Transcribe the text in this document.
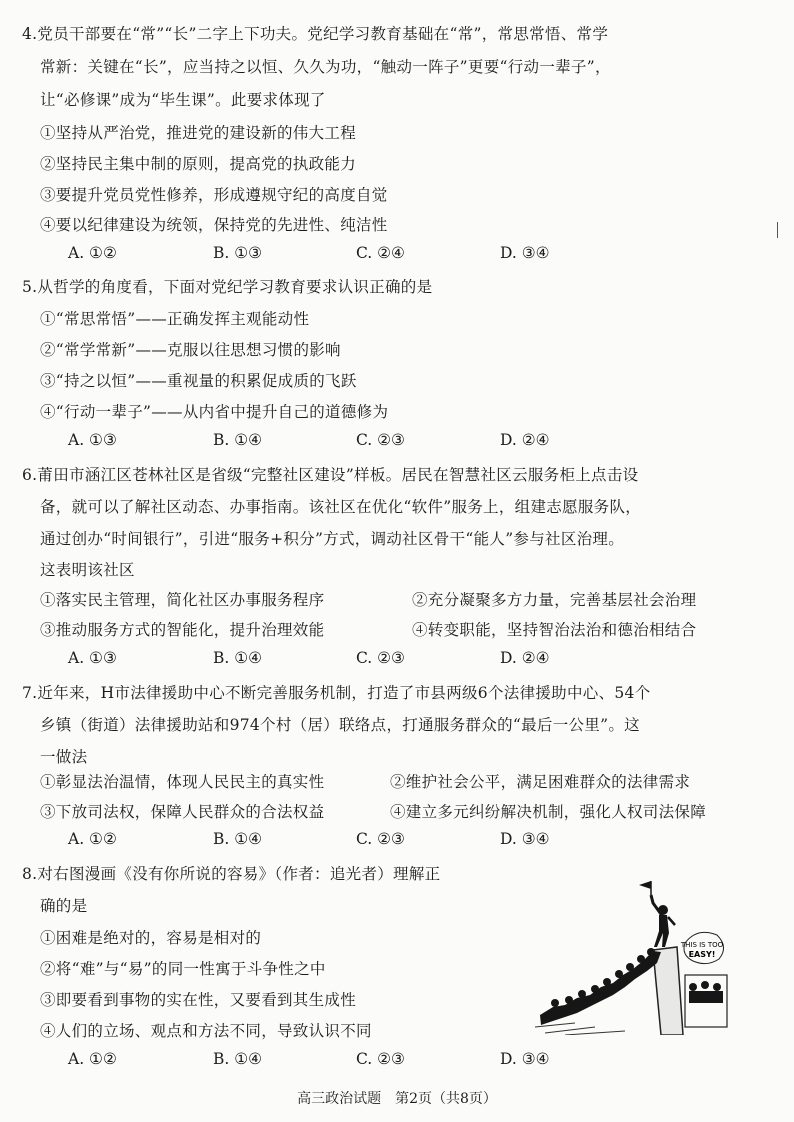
4.党员干部要在“常”“长”二字上下功夫。党纪学习教育基础在“常”，常思常悟、常学
常新：关键在“长”，应当持之以恒、久久为功，“触动一阵子”更要“行动一辈子”，
让“必修课”成为“毕生课”。此要求体现了
①坚持从严治党，推进党的建设新的伟大工程
②坚持民主集中制的原则，提高党的执政能力
③要提升党员党性修养，形成遵规守纪的高度自觉
④要以纪律建设为统领，保持党的先进性、纯洁性
A. ①②	B. ①③	C. ②④	D. ③④
5.从哲学的角度看，下面对党纪学习教育要求认识正确的是
①“常思常悟”——正确发挥主观能动性
②“常学常新”——克服以往思想习惯的影响
③“持之以恒”——重视量的积累促成质的飞跃
④“行动一辈子”——从内省中提升自己的道德修为
A. ①③	B. ①④	C. ②③	D. ②④
6.莆田市涵江区苍林社区是省级“完整社区建设”样板。居民在智慧社区云服务柜上点击设
备，就可以了解社区动态、办事指南。该社区在优化“软件”服务上，组建志愿服务队，
通过创办“时间银行”，引进“服务+积分”方式，调动社区骨干“能人”参与社区治理。
这表明该社区
①落实民主管理，简化社区办事服务程序	②充分凝聚多方力量，完善基层社会治理
③推动服务方式的智能化，提升治理效能	④转变职能，坚持智治法治和德治相结合
A. ①③	B. ①④	C. ②③	D. ②④
7.近年来，H市法律援助中心不断完善服务机制，打造了市县两级6个法律援助中心、54个
乡镇（街道）法律援助站和974个村（居）联络点，打通服务群众的“最后一公里”。这
一做法
①彰显法治温情，体现人民民主的真实性	②维护社会公平，满足困难群众的法律需求
③下放司法权，保障人民群众的合法权益	④建立多元纠纷解决机制，强化人权司法保障
A. ①②	B. ①④	C. ②③	D. ③④
8.对右图漫画《没有你所说的容易》（作者：追光者）理解正
确的是
①困难是绝对的，容易是相对的
②将“难”与“易”的同一性寓于斗争性之中
③即要看到事物的实在性，又要看到其生成性
④人们的立场、观点和方法不同，导致认识不同
A. ①②	B. ①④	C. ②③	D. ③④
THIS IS TOO
EASY!
高三政治试题　第2页（共8页）
